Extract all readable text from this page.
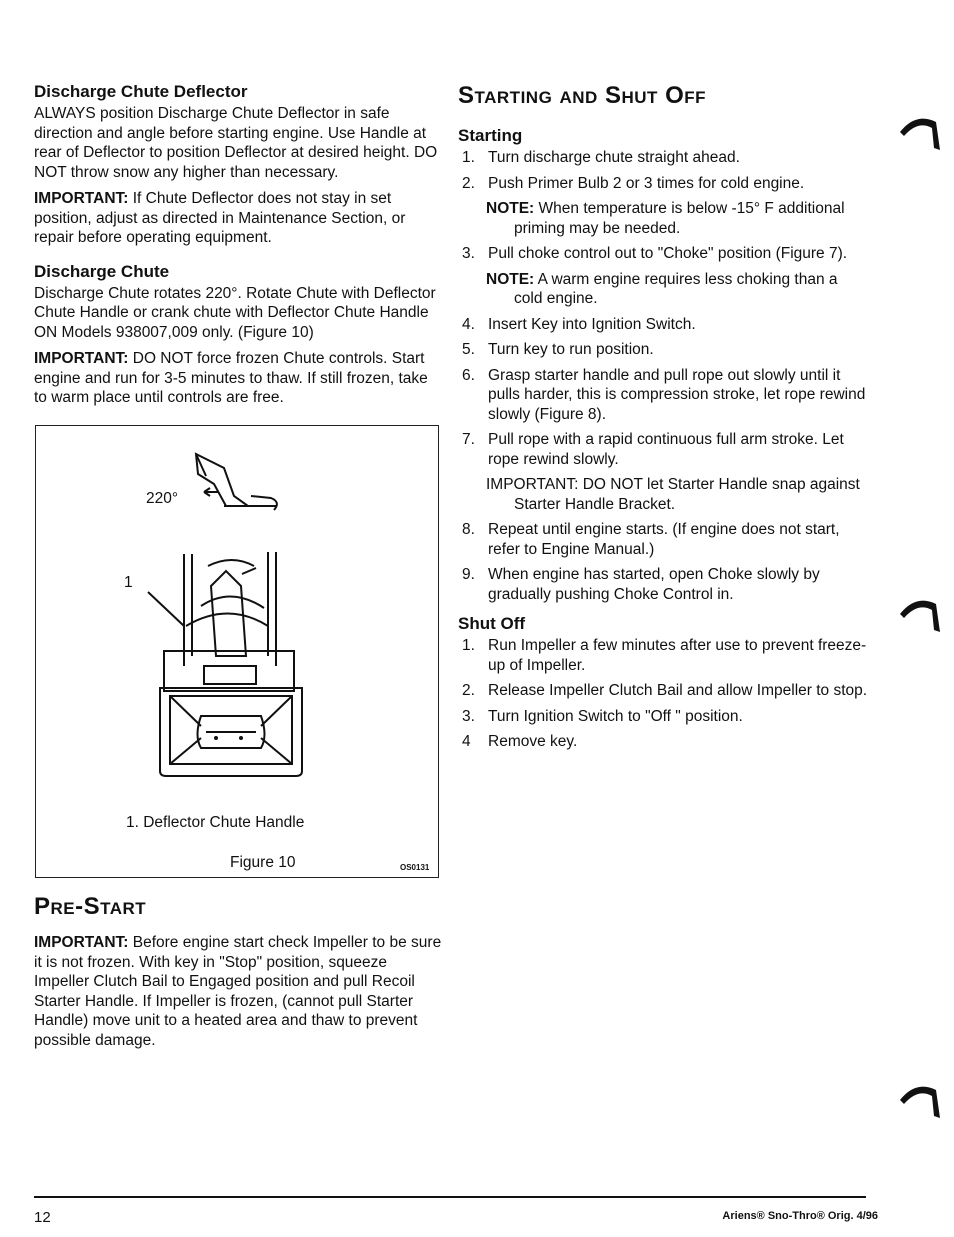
Discharge Chute Deflector

ALWAYS position Discharge Chute Deflector in safe direction and angle before starting engine. Use Handle at rear of Deflector to position Deflector at desired height. DO NOT throw snow any higher than necessary.

IMPORTANT: If Chute Deflector does not stay in set position, adjust as directed in Maintenance Section, or repair before operating equipment.

Discharge Chute

Discharge Chute rotates 220°. Rotate Chute with Deflector Chute Handle or crank chute with Deflector Chute Handle ON Models 938007,009 only. (Figure 10)

IMPORTANT: DO NOT force frozen Chute controls. Start engine and run for 3-5 minutes to thaw. If still frozen, take to warm place until controls are free.

220°
1
1. Deflector Chute Handle
Figure 10	OS0131
Pre-Start

IMPORTANT: Before engine start check Impeller to be sure it is not frozen. With key in "Stop" position, squeeze Impeller Clutch Bail to Engaged position and pull Recoil Starter Handle. If Impeller is frozen, (cannot pull Starter Handle) move unit to a heated area and thaw to prevent possible damage.

Starting and Shut Off
Starting
1. Turn discharge chute straight ahead.
2. Push Primer Bulb 2 or 3 times for cold engine.
NOTE: When temperature is below -15° F additional priming may be needed.
3. Pull choke control out to "Choke" position (Figure 7).
NOTE: A warm engine requires less choking than a cold engine.
4. Insert Key into Ignition Switch.
5. Turn key to run position.
6. Grasp starter handle and pull rope out slowly until it pulls harder, this is compression stroke, let rope rewind slowly (Figure 8).
7. Pull rope with a rapid continuous full arm stroke. Let rope rewind slowly.
IMPORTANT: DO NOT let Starter Handle snap against Starter Handle Bracket.
8. Repeat until engine starts. (If engine does not start, refer to Engine Manual.)
9. When engine has started, open Choke slowly by gradually pushing Choke Control in.
Shut Off
1. Run Impeller a few minutes after use to prevent freeze-up of Impeller.
2. Release Impeller Clutch Bail and allow Impeller to stop.
3. Turn Ignition Switch to "Off " position.
4 Remove key.
12	Ariens® Sno-Thro® Orig. 4/96
